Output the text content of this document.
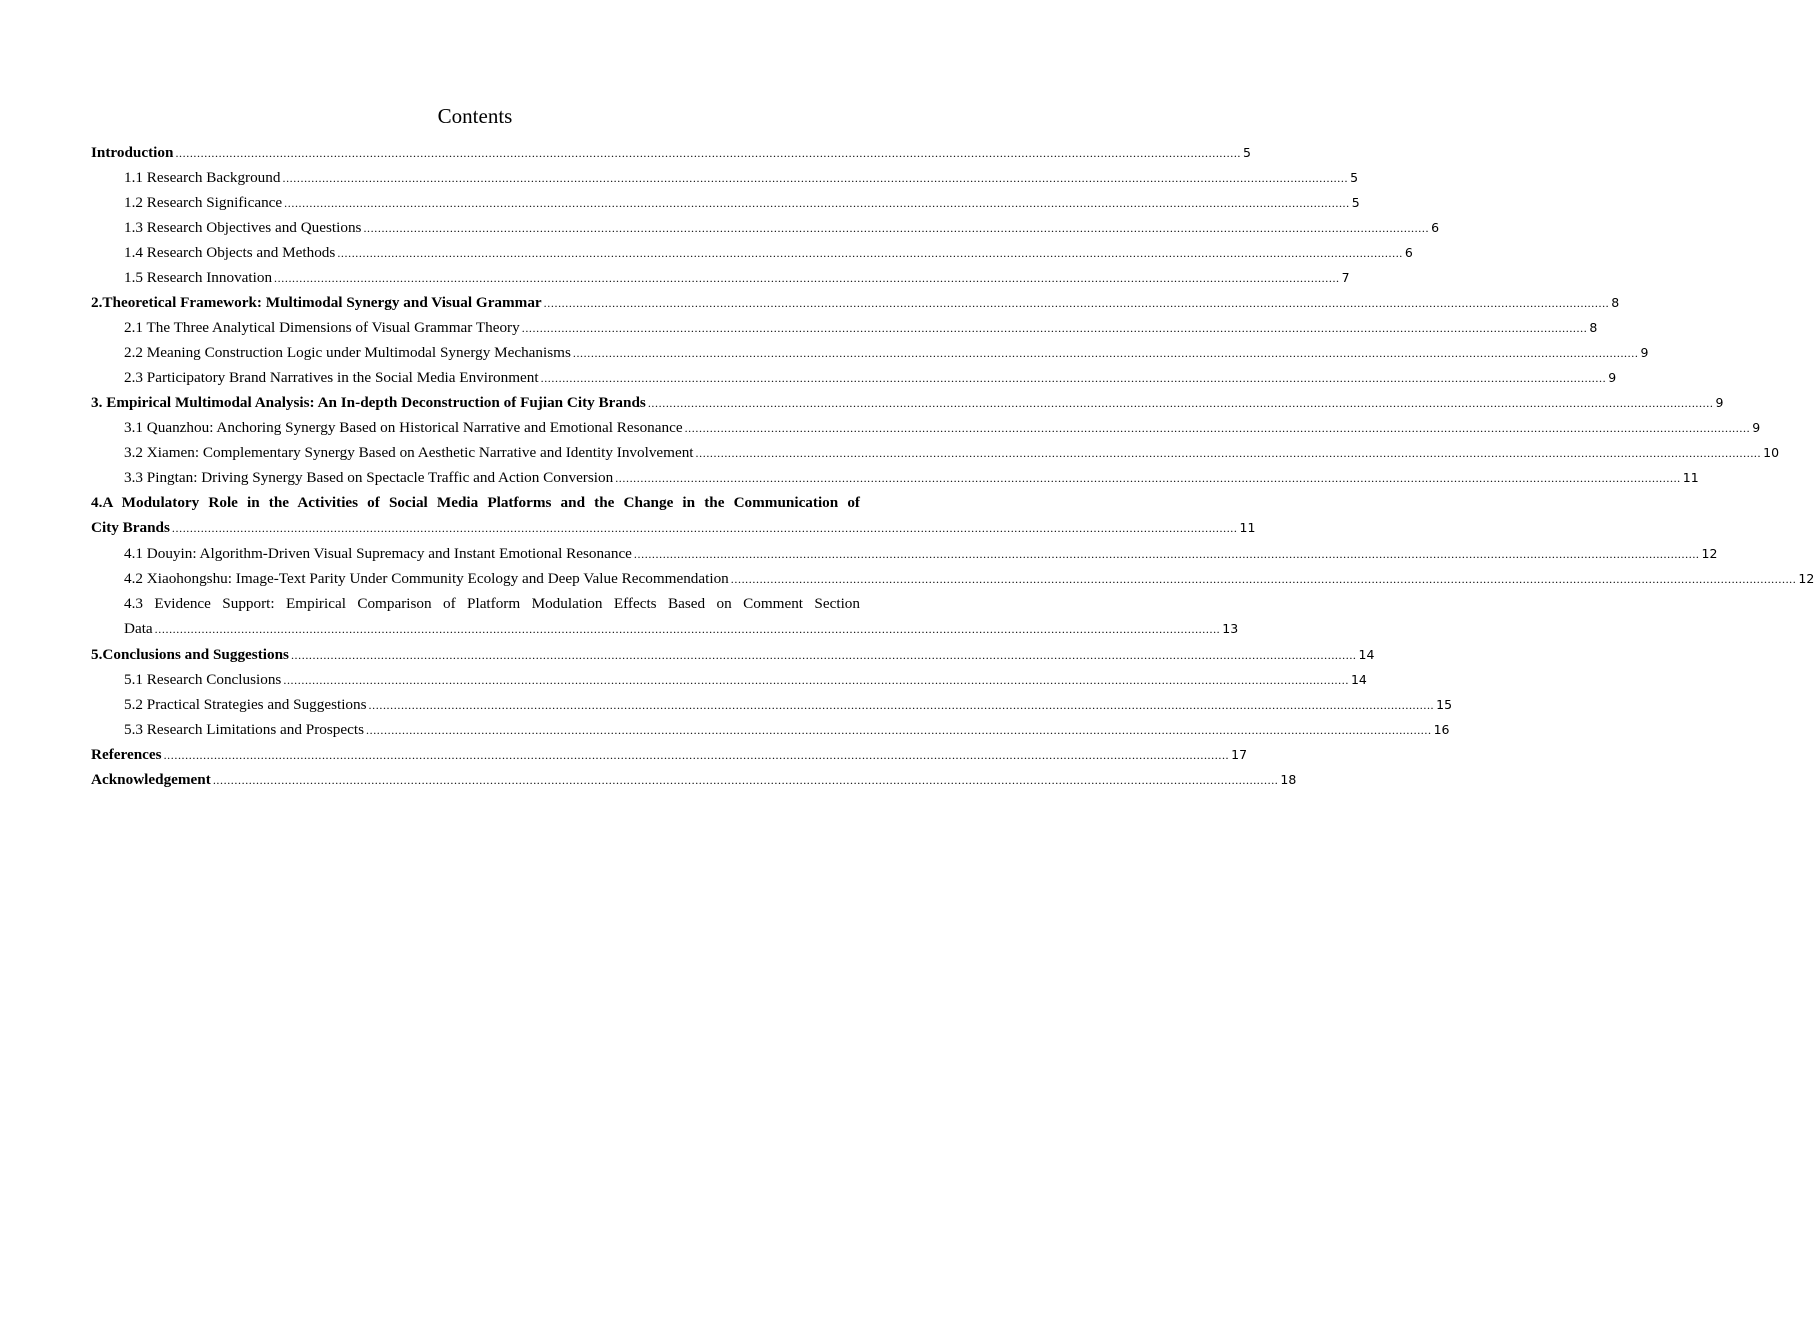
Contents
Introduction .....	5
1.1 Research Background .....	5
1.2 Research Significance .....	5
1.3 Research Objectives and Questions .....	6
1.4 Research Objects and Methods .....	6
1.5 Research Innovation .....	7
2.Theoretical Framework: Multimodal Synergy and Visual Grammar .....	8
2.1 The Three Analytical Dimensions of Visual Grammar Theory .....	8
2.2 Meaning Construction Logic under Multimodal Synergy Mechanisms .....	9
2.3 Participatory Brand Narratives in the Social Media Environment .....	9
3. Empirical Multimodal Analysis: An In-depth Deconstruction of Fujian City Brands .....	9
3.1 Quanzhou: Anchoring Synergy Based on Historical Narrative and Emotional Resonance .....	9
3.2 Xiamen: Complementary Synergy Based on Aesthetic Narrative and Identity Involvement .....	10
3.3 Pingtan: Driving Synergy Based on Spectacle Traffic and Action Conversion .....	11
4.A Modulatory Role in the Activities of Social Media Platforms and the Change in the Communication of
City Brands .....	11
4.1 Douyin: Algorithm-Driven Visual Supremacy and Instant Emotional Resonance .....	12
4.2 Xiaohongshu: Image-Text Parity Under Community Ecology and Deep Value Recommendation .....	12
4.3 Evidence Support: Empirical Comparison of Platform Modulation Effects Based on Comment Section
Data .....	13
5.Conclusions and Suggestions .....	14
5.1 Research Conclusions .....	14
5.2 Practical Strategies and Suggestions .....	15
5.3 Research Limitations and Prospects .....	16
References .....	17
Acknowledgement .....	18
